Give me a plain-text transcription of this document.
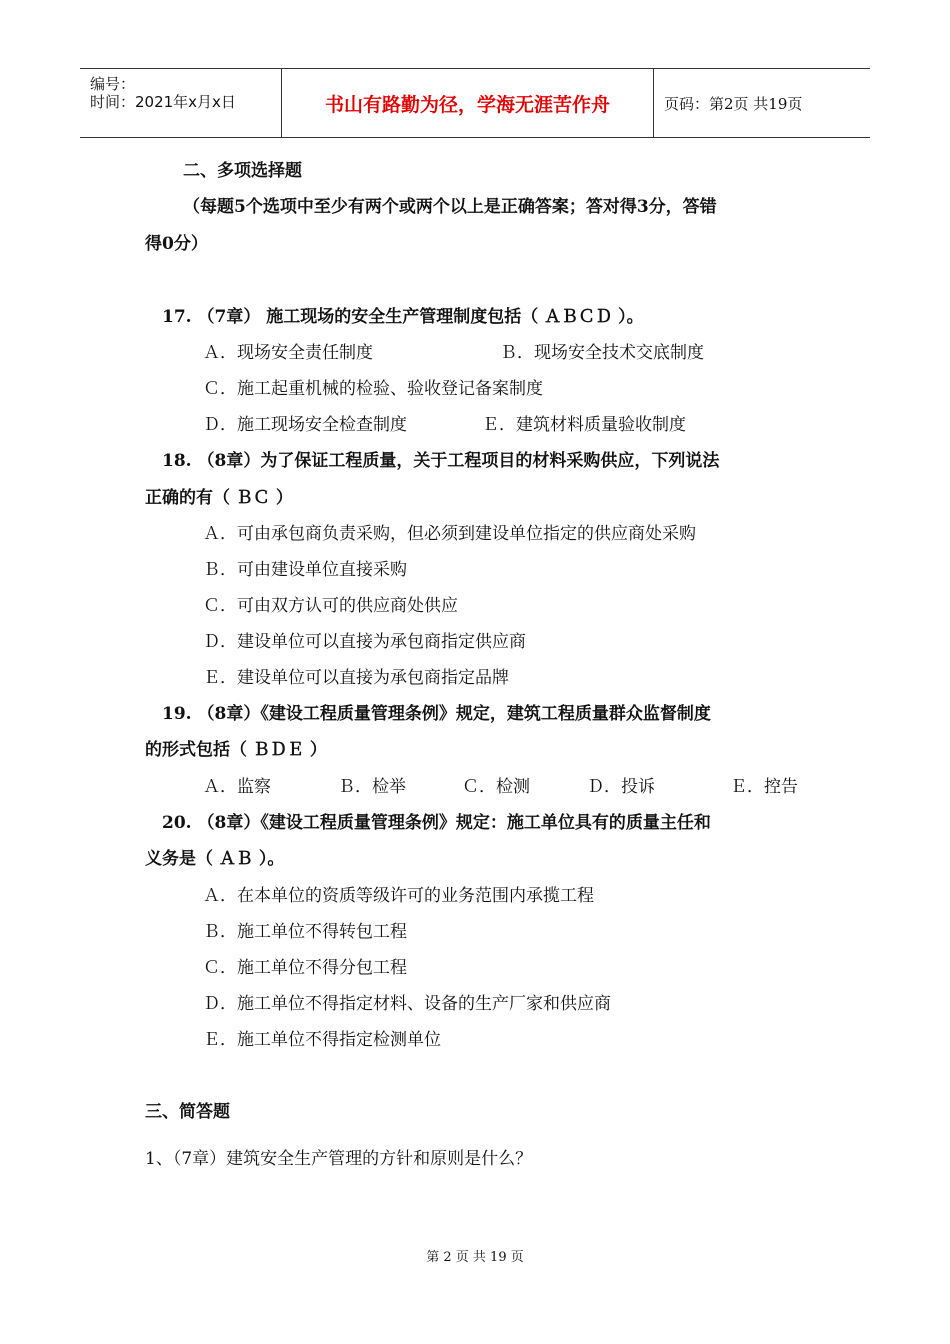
编号：
时间：2021年x月x日	书山有路勤为径，学海无涯苦作舟	页码：第2页 共19页
二、多项选择题
（每题5个选项中至少有两个或两个以上是正确答案；答对得3分，答错
得0分）
17. （7章） 施工现场的安全生产管理制度包括（ ＡＢＣＤ ）。
Ａ．现场安全责任制度	Ｂ．现场安全技术交底制度
Ｃ．施工起重机械的检验、验收登记备案制度
Ｄ．施工现场安全检查制度	Ｅ．建筑材料质量验收制度
18. （8章）为了保证工程质量，关于工程项目的材料采购供应，下列说法
正确的有（ ＢＣ ）
Ａ．可由承包商负责采购，但必须到建设单位指定的供应商处采购
Ｂ．可由建设单位直接采购
Ｃ．可由双方认可的供应商处供应
Ｄ．建设单位可以直接为承包商指定供应商
Ｅ．建设单位可以直接为承包商指定品牌
19. （8章）《建设工程质量管理条例》规定，建筑工程质量群众监督制度
的形式包括（ ＢＤＥ ）
Ａ．监察	Ｂ．检举	Ｃ．检测	Ｄ．投诉	Ｅ．控告
20. （8章）《建设工程质量管理条例》规定：施工单位具有的质量主任和
义务是（ ＡＢ ）。
Ａ．在本单位的资质等级许可的业务范围内承揽工程
Ｂ．施工单位不得转包工程
Ｃ．施工单位不得分包工程
Ｄ．施工单位不得指定材料、设备的生产厂家和供应商
Ｅ．施工单位不得指定检测单位
三、简答题
1、（7章）建筑安全生产管理的方针和原则是什么？
第 2 页 共 19 页
